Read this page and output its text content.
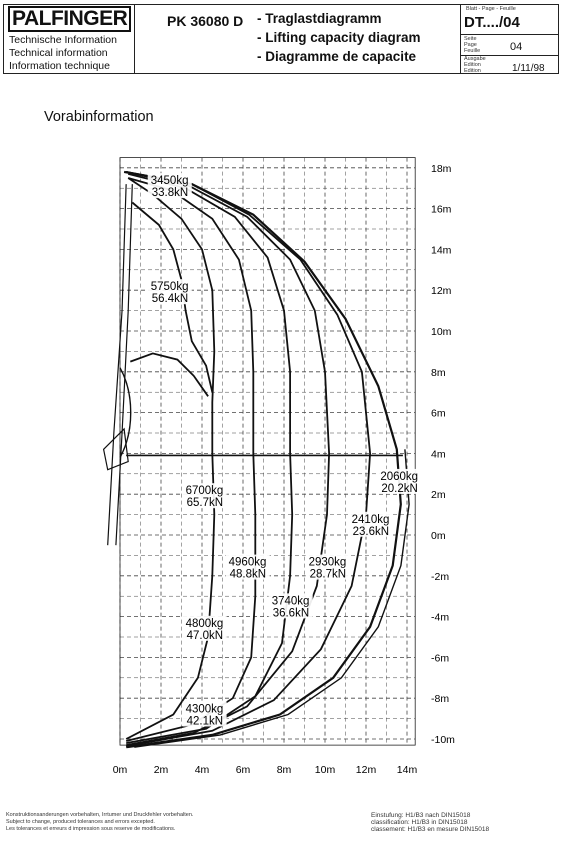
PALFINGER
Technische Information
Technical information
Information technique
PK 36080 D - Traglastdiagramm
- Lifting capacity diagram
- Diagramme de capacite
Blatt - Page - Feuille
DT..../04
Seite
Page
Feuille	04
Ausgabe
Edition
Edition	1/11/98
Vorabinformation
3450kg
33.8kN
5750kg
56.4kN
6700kg
65.7kN
4960kg
48.8kN
2930kg
28.7kN
3740kg
36.6kN
4800kg
47.0kN
4300kg
42.1kN
2410kg
23.6kN
2060kg
20.2kN
0m	2m	4m	6m	8m 10m 12m 14m
18m
16m
14m
12m
10m
8m
6m
4m
2m
0m
-2m
-4m
-6m
-8m
-10m
Konstruktionsanderungen vorbehalten, Irrtumer und Druckfehler vorbehalten.
Subject to change, produced tolerances and errors excepted.
Les tolerances et erreurs d impression sous reserve de modifications.
Einstufung: H1/B3 nach DIN15018
classification: H1/B3 in DIN15018
classement: H1/B3 en mesure DIN15018
